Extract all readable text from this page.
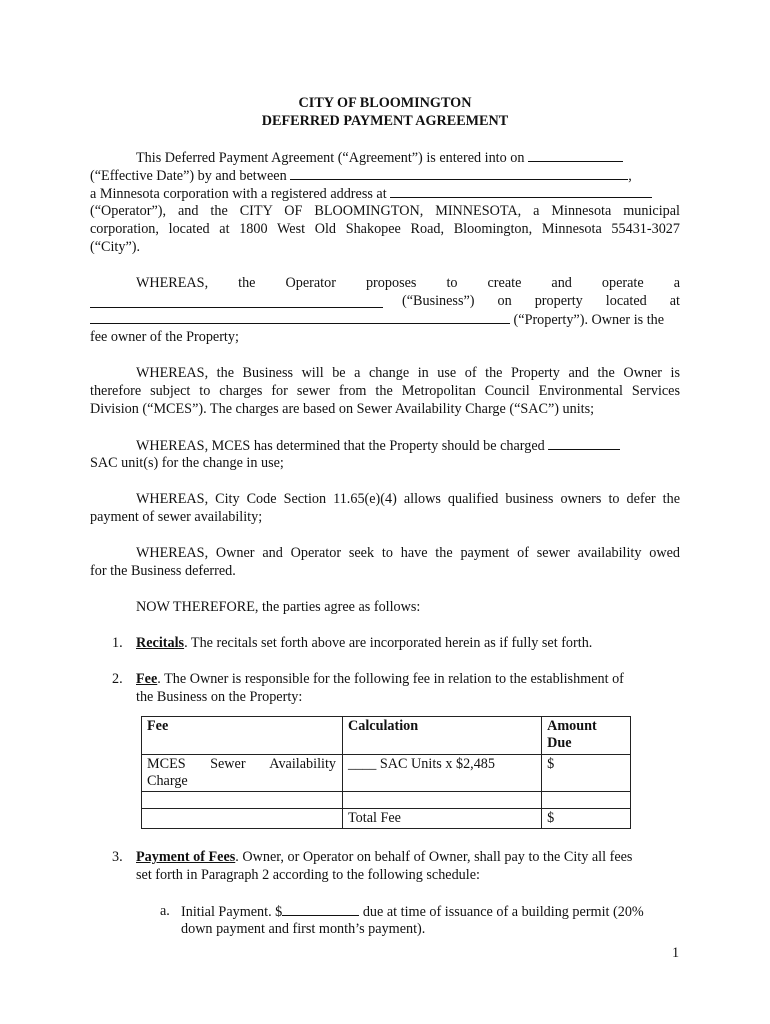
CITY OF BLOOMINGTON
DEFERRED PAYMENT AGREEMENT
This Deferred Payment Agreement (“Agreement”) is entered into on
(“Effective Date”) by and between	,
a Minnesota corporation with a registered address at
(“Operator”), and the CITY OF BLOOMINGTON, MINNESOTA, a Minnesota municipal
corporation, located at 1800 West Old Shakopee Road, Bloomington, Minnesota 55431-3027
(“City”).
WHEREAS, the Operator proposes to create and operate a
(“Business”) on property located at
(“Property”). Owner is the
fee owner of the Property;
WHEREAS, the Business will be a change in use of the Property and the Owner is
therefore subject to charges for sewer from the Metropolitan Council Environmental Services
Division (“MCES”). The charges are based on Sewer Availability Charge (“SAC”) units;
WHEREAS, MCES has determined that the Property should be charged
SAC unit(s) for the change in use;
WHEREAS, City Code Section 11.65(e)(4) allows qualified business owners to defer the
payment of sewer availability;
WHEREAS, Owner and Operator seek to have the payment of sewer availability owed
for the Business deferred.
NOW THEREFORE, the parties agree as follows:
1. Recitals. The recitals set forth above are incorporated herein as if fully set forth.
2. Fee. The Owner is responsible for the following fee in relation to the establishment of
the Business on the Property:
Fee	Calculation	Amount Due

MCES Sewer Availability Charge	____ SAC Units x $2,485	$

	Total Fee	$
3. Payment of Fees. Owner, or Operator on behalf of Owner, shall pay to the City all fees
set forth in Paragraph 2 according to the following schedule:
a. Initial Payment. $	due at time of issuance of a building permit (20%
down payment and first month’s payment).
1
